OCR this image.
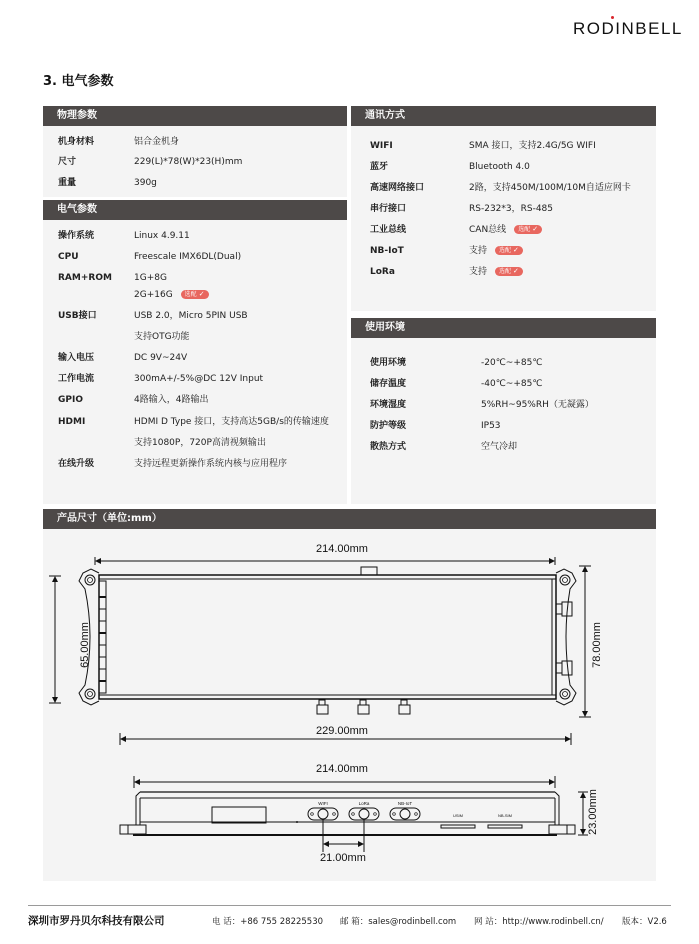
RODINBELL
3. 电气参数
物理参数
电气参数
通讯方式
使用环境
机身材料	铝合金机身
尺寸	229(L)*78(W)*23(H)mm
重量	390g
操作系统	Linux 4.9.11
CPU	Freescale IMX6DL(Dual)
RAM+ROM 1G+8G
2G+16G 选配 ✓
USB接口	USB 2.0，Micro 5PIN USB
支持OTG功能
输入电压	DC 9V~24V
工作电流	300mA+/-5%@DC 12V Input
GPIO	4路输入，4路输出
HDMI	HDMI D Type 接口，支持高达5GB/s的传输速度
支持1080P，720P高清视频输出
在线升级	支持远程更新操作系统内核与应用程序
WIFI	SMA 接口，支持2.4G/5G WIFI
蓝牙	Bluetooth 4.0
高速网络接口	2路，支持450M/100M/10M自适应网卡
串行接口	RS-232*3，RS-485
工业总线	CAN总线 选配 ✓
NB-IoT	支持 选配 ✓
LoRa	支持 选配 ✓
使用环境	-20℃~+85℃
储存温度	-40℃~+85℃
环境湿度	5%RH~95%RH（无凝露）
防护等级	IP53
散热方式	空气冷却
产品尺寸（单位:mm）
214.00mm
229.00mm
65.00mm	78.00mm
WIFI	LoRa	NB-IoT
USIM	NB-SIM
214.00mm
21.00mm
23.00mm
深圳市罗丹贝尔科技有限公司	电 话：+86 755 28225530 邮 箱：sales@rodinbell.com 网 站：http://www.rodinbell.cn/ 版本：V2.6
